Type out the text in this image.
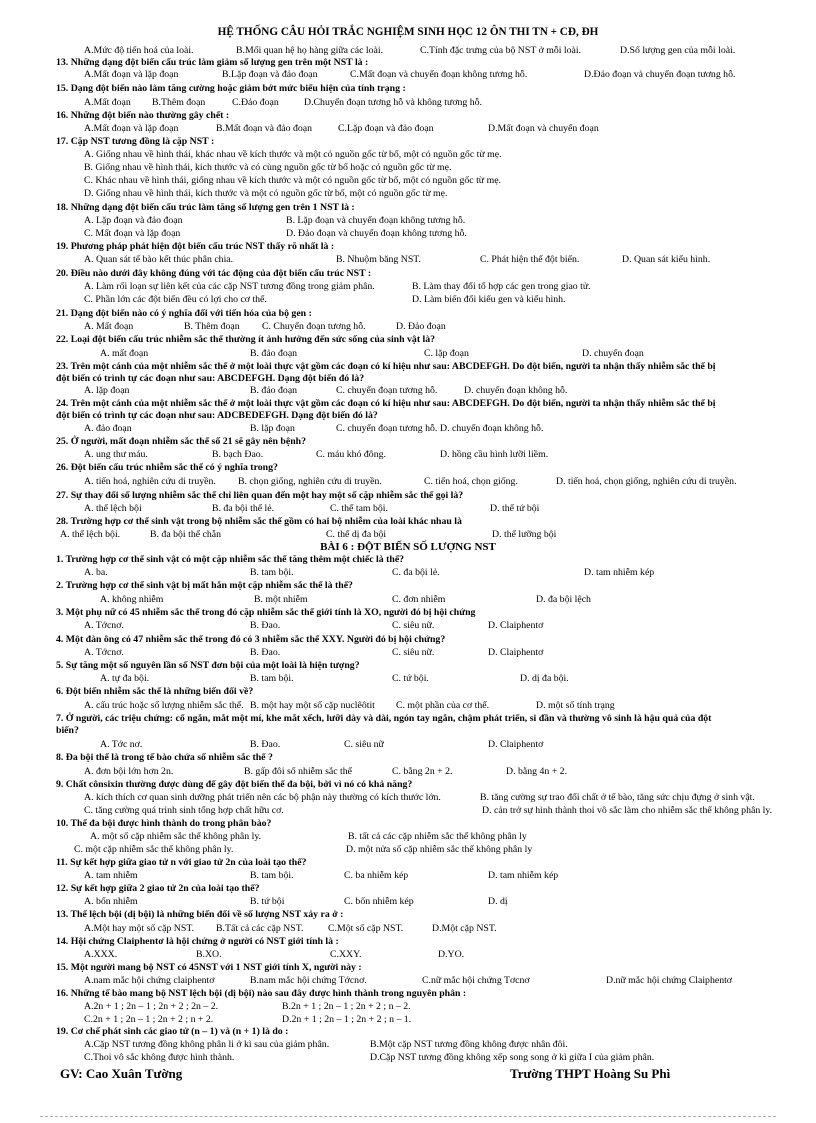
HỆ THỐNG CÂU HỎI TRẮC NGHIỆM SINH HỌC 12 ÔN THI TN + CĐ, ĐH
A.Mức độ tiến hoá của loài.	B.Mối quan hệ họ hàng giữa các loài.	C.Tính đặc trưng của bộ NST ở mỗi loài.	D.Số lượng gen của mỗi loài.
13. Những dạng đột biến cấu trúc làm giảm số lượng gen trên một NST là :
A.Mất đoạn và lặp đoạn	B.Lặp đoạn và đảo đoạn	C.Mất đoạn và chuyển đoạn không tương hỗ.	D.Đảo đoạn và chuyển đoạn tương hỗ.
15. Dạng đột biến nào làm tăng cường hoặc giảm bớt mức biểu hiện của tính trạng :
A.Mất đoạn B.Thêm đoạn	C.Đảo đoạn	D.Chuyển đoạn tương hỗ và không tương hỗ.
16. Những đột biến nào thường gây chết :
A.Mất đoạn và lặp đoạn	B.Mất đoạn và đảo đoạn	C.Lặp đoạn và đảo đoạn	D.Mất đoạn và chuyển đoạn
17. Cặp NST tương đồng là cặp NST :
A. Giống nhau về hình thái, khác nhau về kích thước và một có nguồn gốc từ bố, một có nguồn gốc từ mẹ.
B. Giống nhau về hình thái, kích thước và có cùng nguồn gốc từ bố hoặc có nguồn gốc từ mẹ.
C. Khác nhau về hình thái, giống nhau về kích thước và một có nguồn gốc từ bố, một có nguồn gốc từ mẹ.
D. Giống nhau về hình thái, kích thước và một có nguồn gốc từ bố, một có nguồn gốc từ mẹ.
18. Những dạng đột biến cấu trúc làm tăng số lượng gen trên 1 NST là :
A. Lặp đoạn và đảo đoạn	B. Lặp đoạn và chuyển đoạn không tương hỗ.
C. Mất đoạn và lặp đoạn	D. Đảo đoạn và chuyển đoạn không tương hỗ.
19. Phương pháp phát hiện đột biến cấu trúc NST thấy rõ nhất là :
A. Quan sát tế bào kết thúc phân chia.	B. Nhuộm băng NST.	C. Phát hiện thể đột biến.	D. Quan sát kiểu hình.
20. Điều nào dưới đây không đúng với tác động của đột biến cấu trúc NST :
A. Làm rối loạn sự liên kết của các cặp NST tương đồng trong giảm phân.	B. Làm thay đổi tổ hợp các gen trong giao tử.
C. Phần lớn các đột biến đều có lợi cho cơ thể.	D. Làm biến đổi kiểu gen và kiểu hình.
21. Dạng đột biến nào có ý nghĩa đối với tiến hóa của bộ gen :
A. Mất đoạn	B. Thêm đoạn C. Chuyển đoạn tương hỗ.	D. Đảo đoạn
22. Loại đột biến cấu trúc nhiễm sắc thể thường ít ảnh hưởng đến sức sống của sinh vật là?
A. mất đoạn	B. đảo đoạn	C. lặp đoạn	D. chuyển đoạn
23. Trên một cánh của một nhiễm sắc thể ở một loài thực vật gồm các đoạn có kí hiệu như sau: ABCDEFGH. Do đột biến, người ta nhận thấy nhiễm sắc thể bị
đột biến có trình tự các đoạn như sau: ABCDEFGH. Dạng đột biến đó là?
A. lặp đoạn	B. đảo đoạn	C. chuyển đoạn tương hỗ.	D. chuyển đoạn không hỗ.
24. Trên một cánh của một nhiễm sắc thể ở một loài thực vật gồm các đoạn có kí hiệu như sau: ABCDEFGH. Do đột biến, người ta nhận thấy nhiễm sắc thể bị
đột biến có trình tự các đoạn như sau: ADCBEDEFGH. Dạng đột biến đó là?
A. đảo đoạn	B. lặp đoạn	C. chuyển đoạn tương hỗ. D. chuyển đoạn không hỗ.
25. Ở người, mất đoạn nhiễm sắc thể số 21 sẽ gây nên bệnh?
A. ung thư máu.	B. bạch Đao.	C. máu khó đông.	D. hồng cầu hình lưỡi liềm.
26. Đột biến cấu trúc nhiễm sắc thể có ý nghĩa trong?
A. tiến hoá, nghiên cứu di truyền. B. chọn giống, nghiên cứu di truyền.	C. tiến hoá, chọn giống.	D. tiến hoá, chọn giống, nghiên cứu di truyền.
27. Sự thay đổi số lượng nhiễm sắc thể chỉ liên quan đến một hay một số cặp nhiễm sắc thể gọi là?
A. thể lệch bội	B. đa bội thể lẻ.	C. thể tam bội.	D. thể tứ bội
28. Trường hợp cơ thể sinh vật trong bộ nhiễm sắc thể gồm có hai bộ nhiễm của loài khác nhau là
A. thể lệch bội.	B. đa bội thể chẵn	C. thể dị đa bội	D. thể lưỡng bội
1. Trường hợp cơ thể sinh vật có một cặp nhiễm sắc thể tăng thêm một chiếc là thể?
A. ba.	B. tam bội.	C. đa bội lẻ.	D. tam nhiễm kép
2. Trường hợp cơ thể sinh vật bị mất hẳn một cặp nhiễm sắc thể là thể?
A. không nhiễm	B. một nhiễm	C. đơn nhiễm	D. đa bội lệch
3. Một phụ nữ có 45 nhiễm sắc thể trong đó cặp nhiễm sắc thể giới tính là XO, người đó bị hội chứng
A. Tớcnơ.	B. Đao.	C. siêu nữ.	D. Claiphentơ
4. Một đàn ông có 47 nhiễm sắc thể trong đó có 3 nhiễm sắc thể XXY. Người đó bị hội chứng?
A. Tớcnơ.	B. Đao.	C. siêu nữ.	D. Claiphentơ
5. Sự tăng một số nguyên lần số NST đơn bội của một loài là hiện tượng?
A. tự đa bội.	B. tam bội.	C. tứ bội.	D. dị đa bội.
6. Đột biến nhiễm sắc thể là những biến đổi về?
A. cấu trúc hoặc số lượng nhiễm sắc thể. B. một hay một số cặp nuclêôtit C. một phần của cơ thể.	D. một số tính trạng
7. Ở người, các triệu chứng: cổ ngắn, mắt một mí, khe mắt xếch, lưỡi dày và dài, ngón tay ngắn, chậm phát triển, si đần và thường vô sinh là hậu quả của đột
biến?
A. Tớc nơ.	B. Đao.	C. siêu nữ	D. Claiphentơ
8. Đa bội thể là trong tế bào chứa số nhiễm sắc thể ?
A. đơn bội lớn hơn 2n.	B. gấp đôi số nhiễm sắc thể	C. bằng 2n + 2.	D. bằng 4n + 2.
9. Chất cônsixin thường được dùng để gây đột biến thể đa bội, bởi vì nó có khả năng?
A. kích thích cơ quan sinh dưỡng phát triển nên các bộ phận này thường có kích thước lớn.	B. tăng cường sự trao đổi chất ở tế bào, tăng sức chịu đựng ở sinh vật.
C. tăng cường quá trình sinh tổng hợp chất hữu cơ.	D. cản trở sự hình thành thoi vô sắc làm cho nhiễm sắc thể không phân ly.
10. Thể đa bội được hình thành do trong phân bào?
A. một số cặp nhiễm sắc thể không phân ly.	B. tất cả các cặp nhiễm sắc thể không phân ly
C. một cặp nhiễm sắc thể không phân ly.	D. một nửa số cặp nhiễm sắc thể không phân ly
11. Sự kết hợp giữa giao tử n với giao tử 2n của loài tạo thể?
A. tam nhiễm	B. tam bội.	C. ba nhiễm kép	D. tam nhiễm kép
12. Sự kết hợp giữa 2 giao tử 2n của loài tạo thể?
A. bốn nhiễm	B. tứ bội	C. bốn nhiễm kép	D. dị
13. Thể lệch bội (dị bội) là những biến đổi về số lượng NST xảy ra ở :
A.Một hay một số cặp NST. B.Tất cả các cặp NST.	C.Một số cặp NST.	D.Một cặp NST.
14. Hội chứng Claiphentơ là hội chứng ở người có NST giới tính là :
A.XXX.	B.XO.	C.XXY.	D.YO.
15. Một người mang bộ NST có 45NST với 1 NST giới tính X, người này :
A.nam mắc hội chứng claiphentơ	B.nam mắc hội chứng Tớcnơ.	C.nữ mắc hội chứng Tơcnơ	D.nữ mắc hội chứng Claiphentơ
16. Những tế bào mang bộ NST lệch bội (dị bội) nào sau đây được hình thành trong nguyên phân :
A.2n + 1 ; 2n – 1 ; 2n + 2 ; 2n – 2.	B.2n + 1 ; 2n – 1 ; 2n + 2 ; n – 2.
C.2n + 1 ; 2n – 1 ; 2n + 2 ; n + 2.	D.2n + 1 ; 2n – 1 ; 2n + 2 ; n – 1.
19. Cơ chế phát sinh các giao tử (n – 1) và (n + 1) là do :
A.Cặp NST tương đồng không phân li ở kì sau của giảm phân.	B.Một cặp NST tương đồng không được nhân đôi.
C.Thoi vô sắc không được hình thành.	D.Cặp NST tương đồng không xếp song song ở kì giữa I của giảm phân.
BÀI 6 : ĐỘT BIẾN SỐ LƯỢNG NST
GV: Cao Xuân Tường	Trường THPT Hoàng Su Phì
